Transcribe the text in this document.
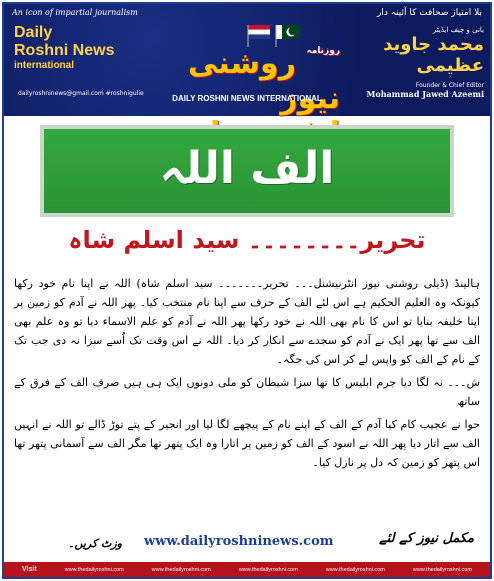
An icon of impartial journalism	بلا امتیاز صحافت کا آئینہ دار
Daily
Roshni News
international
dailyroshninews@gmail.com #roshnigulie
$^{روزنامہ}$ روشنی نیوز
DAILY ROSHNI NEWS INTERNATIONAL
بانی و چیف ایڈیٹر
محمد جاوید عظیمی
Founder & Chief Editor
Mohammad Jawed Azeemi
الف اللہ
تحریر۔۔۔۔۔۔۔۔ سید اسلم شاہ

ہالینڈ (ڈیلی روشنی نیوز انٹرنیشنل۔۔۔ تحریر۔۔۔۔۔۔۔ سید اسلم شاہ) اللہ نے اپنا نام خود رکھا کیونکہ وہ العلیم الحکیم ہے اس لئے الف کے حرف سے اپنا نام منتخب کیا۔ پھر اللہ نے آدم کو زمین پر اپنا خلیفہ بنایا تو اس کا نام بھی اللہ نے خود رکھا پھر اللہ نے آدم کو علم الاسماء دیا تو وہ علم بھی الف سے تھا پھر ایک نے آدم کو سجدے سے انکار کر دیا۔ اللہ نے اس وقت تک اُسے سزا نہ دی جب تک کے نام کے الف کو واپس لے کر اس کی جگہ۔

ش۔۔۔ نہ لگا دیا جرم ابلیس کا تھا سزا شیطان کو ملی دونوں ایک ہی ہیں صرف الف کے فرق کے ساتھ

حوا نے عجیب کام کیا آدم کے الف کے اپنے نام کے پیچھے لگا لیا اور انجیر کے پتے توڑ ڈالے تو اللہ نے انہیں الف سے اتار دیا پھر اللہ نے اسود کے الف کو زمین پر اتارا وہ ایک پتھر تھا مگر الف سے آسمانی پتھر تھا اس پتھر کو زمین کہ دل پر نازل کیا۔

مکمل نیوز کے لئے
www.dailyroshninews.com
وزٹ کریں۔
Visit	www.thedailyroshni.com	www.thedailyroshni.com	www.thedailyroshni.com	www.thedailyroshni.com	www.thedailyroshni.com
